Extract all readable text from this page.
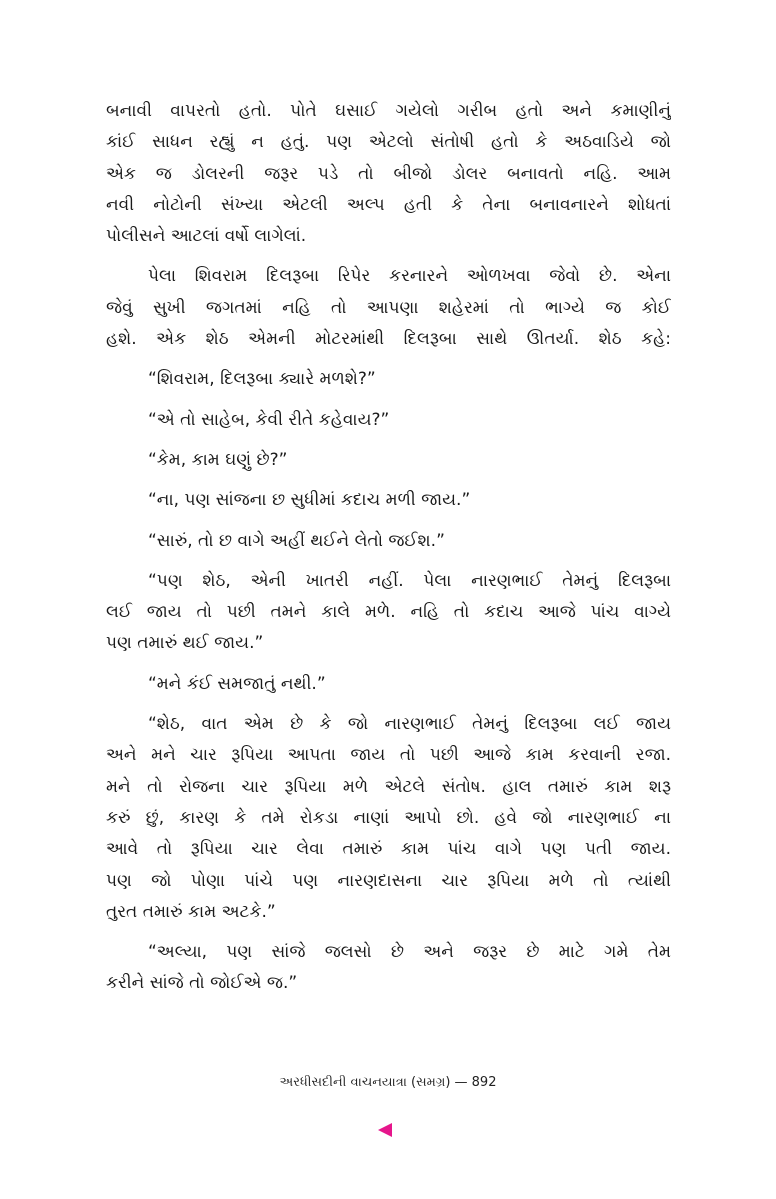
બનાવી વાપરતો હતો. પોતે ઘસાઈ ગયેલો ગરીબ હતો અને કમાણીનું
કાંઈ સાધન રહ્યું ન હતું. પણ એટલો સંતોષી હતો કે અઠવાડિયે જો
એક જ ડોલરની જરૂર પડે તો બીજો ડોલર બનાવતો નહિ. આમ
નવી નોટોની સંખ્યા એટલી અલ્પ હતી કે તેના બનાવનારને શોધતાં
પોલીસને આટલાં વર્ષો લાગેલાં.
પેલા શિવરામ દિલરૂબા રિપેર કરનારને ઓળખવા જેવો છે. એના
જેવું સુખી જગતમાં નહિ તો આપણા શહેરમાં તો ભાગ્યે જ કોઈ
હશે. એક શેઠ એમની મોટરમાંથી દિલરૂબા સાથે ઊતર્યા. શેઠ કહે:
“શિવરામ, દિલરૂબા ક્યારે મળશે?”
“એ તો સાહેબ, કેવી રીતે કહેવાય?”
“કેમ, કામ ઘણું છે?”
“ના, પણ સાંજના છ સુધીમાં કદાચ મળી જાય.”
“સારું, તો છ વાગે અહીં થઈને લેતો જઈશ.”
“પણ શેઠ, એની ખાતરી નહીં. પેલા નારણભાઈ તેમનું દિલરૂબા
લઈ જાય તો પછી તમને કાલે મળે. નહિ તો કદાચ આજે પાંચ વાગ્યે
પણ તમારું થઈ જાય.”
“મને કંઈ સમજાતું નથી.”
“શેઠ, વાત એમ છે કે જો નારણભાઈ તેમનું દિલરૂબા લઈ જાય
અને મને ચાર રૂપિયા આપતા જાય તો પછી આજે કામ કરવાની રજા.
મને તો રોજના ચાર રૂપિયા મળે એટલે સંતોષ. હાલ તમારું કામ શરૂ
કરું છું, કારણ કે તમે રોકડા નાણાં આપો છો. હવે જો નારણભાઈ ના
આવે તો રૂપિયા ચાર લેવા તમારું કામ પાંચ વાગે પણ પતી જાય.
પણ જો પોણા પાંચે પણ નારણદાસના ચાર રૂપિયા મળે તો ત્યાંથી
તુરત તમારું કામ અટકે.”
“અલ્યા, પણ સાંજે જલસો છે અને જરૂર છે માટે ગમે તેમ
કરીને સાંજે તો જોઈએ જ.”
અરધીસદીની વાચનયાત્રા (સમગ્ર) — 892
